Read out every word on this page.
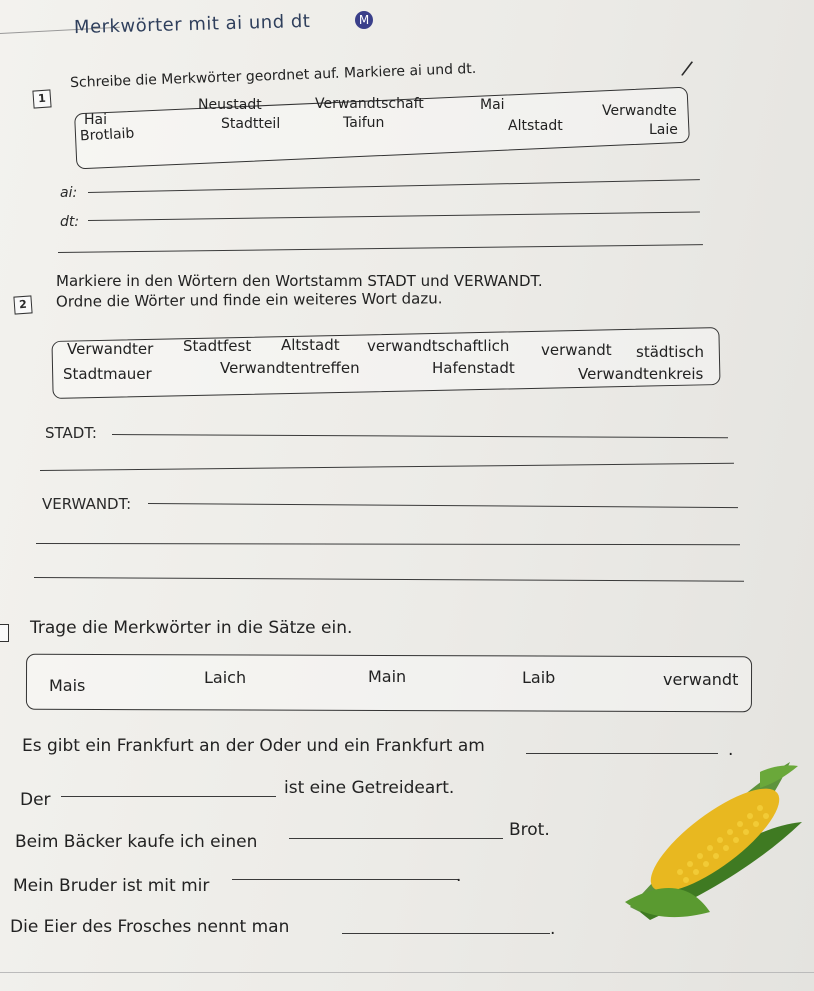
Merkwörter mit ai und dt	M
1
Schreibe die Merkwörter geordnet auf. Markiere ai und dt.	/
Hai
Neustadt	Verwandtschaft	Mai	Verwandte
Brotlaib
Stadtteil	Taifun	Altstadt	Laie
ai:
dt:
2
Markiere in den Wörtern den Wortstamm STADT und VERWANDT.
Ordne die Wörter und finde ein weiteres Wort dazu.
Verwandter Stadtfest Altstadt verwandtschaftlich verwandt städtisch
Stadtmauer	Verwandtentreffen	Hafenstadt	Verwandtenkreis
STADT:
VERWANDT:
Trage die Merkwörter in die Sätze ein.
Mais	Laich	Main	Laib	verwandt
Es gibt ein Frankfurt an der Oder und ein Frankfurt am	.
Der
ist eine Getreideart.
Beim Bäcker kaufe ich einen
Brot.
Mein Bruder ist mit mir	.
Die Eier des Frosches nennt man	.
